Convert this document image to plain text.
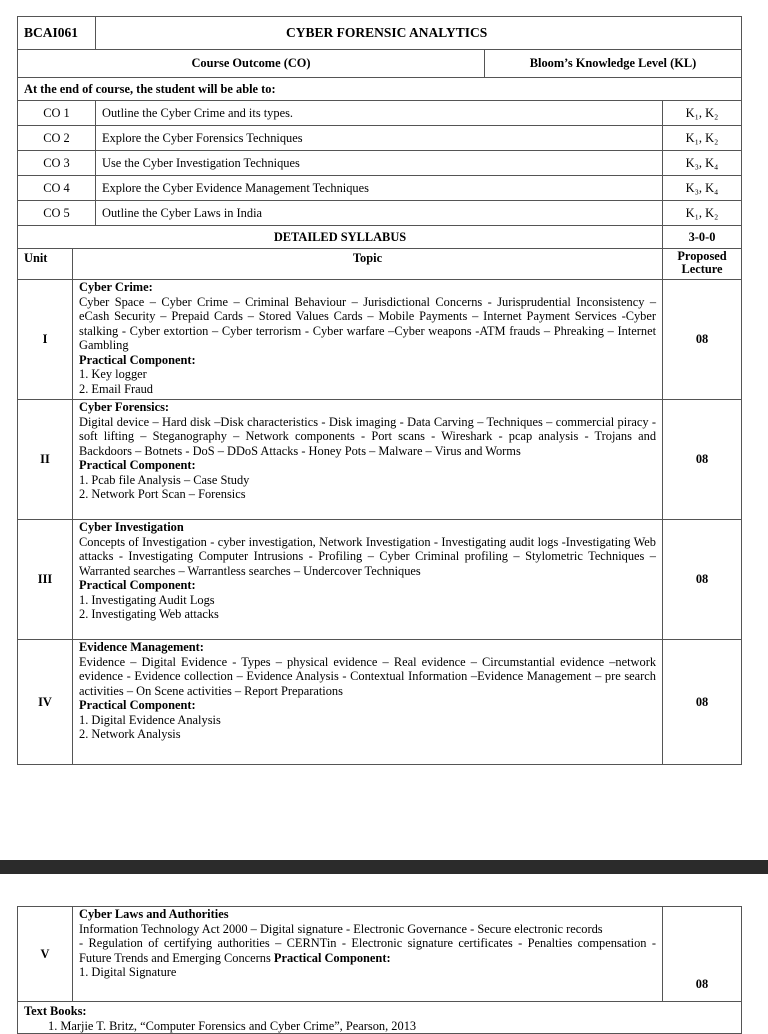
BCAI061	CYBER FORENSIC ANALYTICS	
Course Outcome (CO)		Bloom’s Knowledge Level (KL)
At the end of course, the student will be able to:		
CO 1	Outline the Cyber Crime and its types.	K₁, K₂
CO 2	Explore the Cyber Forensics Techniques	K₁, K₂
CO 3	Use the Cyber Investigation Techniques	K₃, K₄
CO 4	Explore the Cyber Evidence Management Techniques	K₃, K₄
CO 5	Outline the Cyber Laws in India	K₁, K₂
DETAILED SYLLABUS		3-0-0
Unit	Topic	Proposed Lecture
I	Cyber Crime:
Cyber Space – Cyber Crime – Criminal Behaviour – Jurisdictional Concerns - Jurisprudential Inconsistency – eCash Security – Prepaid Cards – Stored Values Cards – Mobile Payments – Internet Payment Services -Cyber stalking - Cyber extortion – Cyber terrorism - Cyber warfare –Cyber weapons -ATM frauds – Phreaking – Internet Gambling
Practical Component:
1. Key logger
2. Email Fraud	08
II	Cyber Forensics:
Digital device – Hard disk –Disk characteristics - Disk imaging - Data Carving – Techniques – commercial piracy - soft lifting – Steganography – Network components - Port scans - Wireshark - pcap analysis - Trojans and Backdoors – Botnets - DoS – DDoS Attacks - Honey Pots – Malware – Virus and Worms
Practical Component:
1. Pcab file Analysis – Case Study
2. Network Port Scan – Forensics	08
III	Cyber Investigation
Concepts of Investigation - cyber investigation, Network Investigation - Investigating audit logs -Investigating Web attacks - Investigating Computer Intrusions - Profiling – Cyber Criminal profiling – Stylometric Techniques – Warranted searches – Warrantless searches – Undercover Techniques
Practical Component:
1. Investigating Audit Logs
2. Investigating Web attacks	08
IV	Evidence Management:
Evidence – Digital Evidence - Types – physical evidence – Real evidence – Circumstantial evidence –network evidence - Evidence collection – Evidence Analysis - Contextual Information –Evidence Management – pre search activities – On Scene activities – Report Preparations
Practical Component:
1. Digital Evidence Analysis
2. Network Analysis	08
V	
Cyber Laws and Authorities
Information Technology Act 2000 – Digital signature - Electronic Governance - Secure electronic records
- Regulation of certifying authorities – CERNTin - Electronic signature certificates - Penalties compensation - Future Trends and Emerging Concerns Practical Component:
1. Digital Signature
	08

Text Books:
1. Marjie T. Britz, “Computer Forensics and Cyber Crime”, Pearson, 2013
